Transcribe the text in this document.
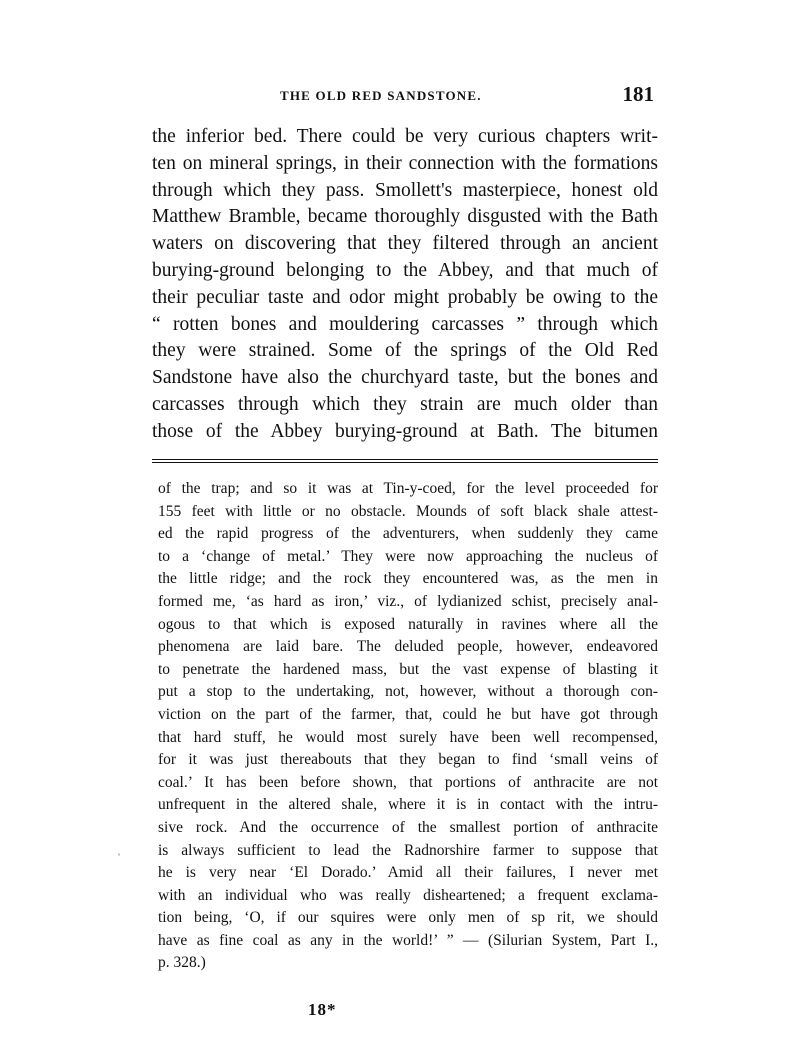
THE OLD RED SANDSTONE.	181
the inferior bed. There could be very curious chapters writ-
ten on mineral springs, in their connection with the formations
through which they pass. Smollett's masterpiece, honest old
Matthew Bramble, became thoroughly disgusted with the Bath
waters on discovering that they filtered through an ancient
burying-ground belonging to the Abbey, and that much of
their peculiar taste and odor might probably be owing to the
“ rotten bones and mouldering carcasses ” through which
they were strained. Some of the springs of the Old Red
Sandstone have also the churchyard taste, but the bones and
carcasses through which they strain are much older than
those of the Abbey burying-ground at Bath. The bitumen
of the trap; and so it was at Tin-y-coed, for the level proceeded for
155 feet with little or no obstacle. Mounds of soft black shale attest-
ed the rapid progress of the adventurers, when suddenly they came
to a ‘change of metal.’ They were now approaching the nucleus of
the little ridge; and the rock they encountered was, as the men in
formed me, ‘as hard as iron,’ viz., of lydianized schist, precisely anal-
ogous to that which is exposed naturally in ravines where all the
phenomena are laid bare. The deluded people, however, endeavored
to penetrate the hardened mass, but the vast expense of blasting it
put a stop to the undertaking, not, however, without a thorough con-
viction on the part of the farmer, that, could he but have got through
that hard stuff, he would most surely have been well recompensed,
for it was just thereabouts that they began to find ‘small veins of
coal.’ It has been before shown, that portions of anthracite are not
unfrequent in the altered shale, where it is in contact with the intru-
sive rock. And the occurrence of the smallest portion of anthracite
is always sufficient to lead the Radnorshire farmer to suppose that
he is very near ‘El Dorado.’ Amid all their failures, I never met
with an individual who was really disheartened; a frequent exclama-
tion being, ‘O, if our squires were only men of sp rit, we should
have as fine coal as any in the world!’ ” — (Silurian System, Part I.,
p. 328.)
ˌ
18*
